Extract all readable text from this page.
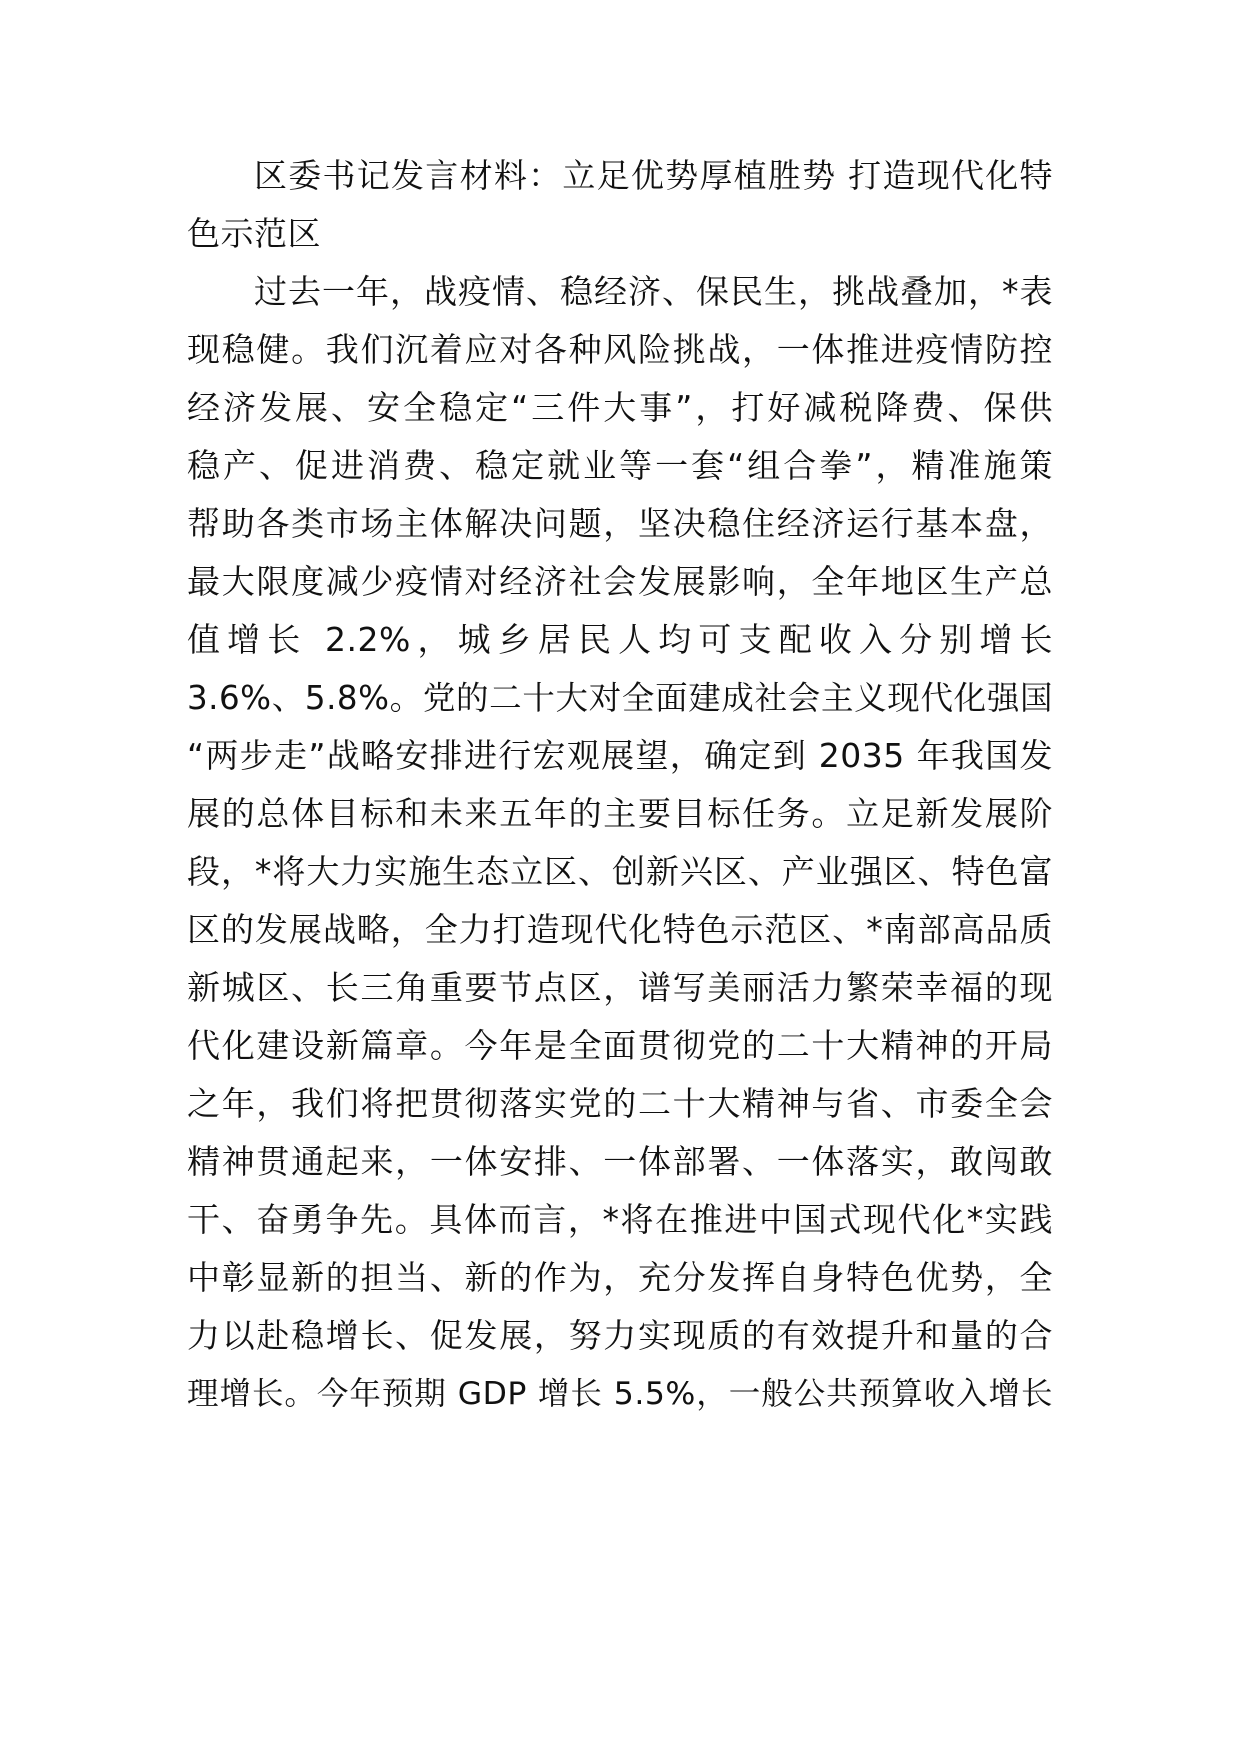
区委书记发言材料：立足优势厚植胜势 打造现代化特
色示范区
过去一年，战疫情、稳经济、保民生，挑战叠加，*表
现稳健。我们沉着应对各种风险挑战，一体推进疫情防控
经济发展、安全稳定“三件大事”，打好减税降费、保供
稳产、促进消费、稳定就业等一套“组合拳”，精准施策
帮助各类市场主体解决问题，坚决稳住经济运行基本盘，
最大限度减少疫情对经济社会发展影响，全年地区生产总
值增长 2.2%，城乡居民人均可支配收入分别增长
3.6%、5.8%。党的二十大对全面建成社会主义现代化强国
“两步走”战略安排进行宏观展望，确定到 2035 年我国发
展的总体目标和未来五年的主要目标任务。立足新发展阶
段，*将大力实施生态立区、创新兴区、产业强区、特色富
区的发展战略，全力打造现代化特色示范区、*南部高品质
新城区、长三角重要节点区，谱写美丽活力繁荣幸福的现
代化建设新篇章。今年是全面贯彻党的二十大精神的开局
之年，我们将把贯彻落实党的二十大精神与省、市委全会
精神贯通起来，一体安排、一体部署、一体落实，敢闯敢
干、奋勇争先。具体而言，*将在推进中国式现代化*实践
中彰显新的担当、新的作为，充分发挥自身特色优势，全
力以赴稳增长、促发展，努力实现质的有效提升和量的合
理增长。今年预期 GDP 增长 5.5%，一般公共预算收入增长
